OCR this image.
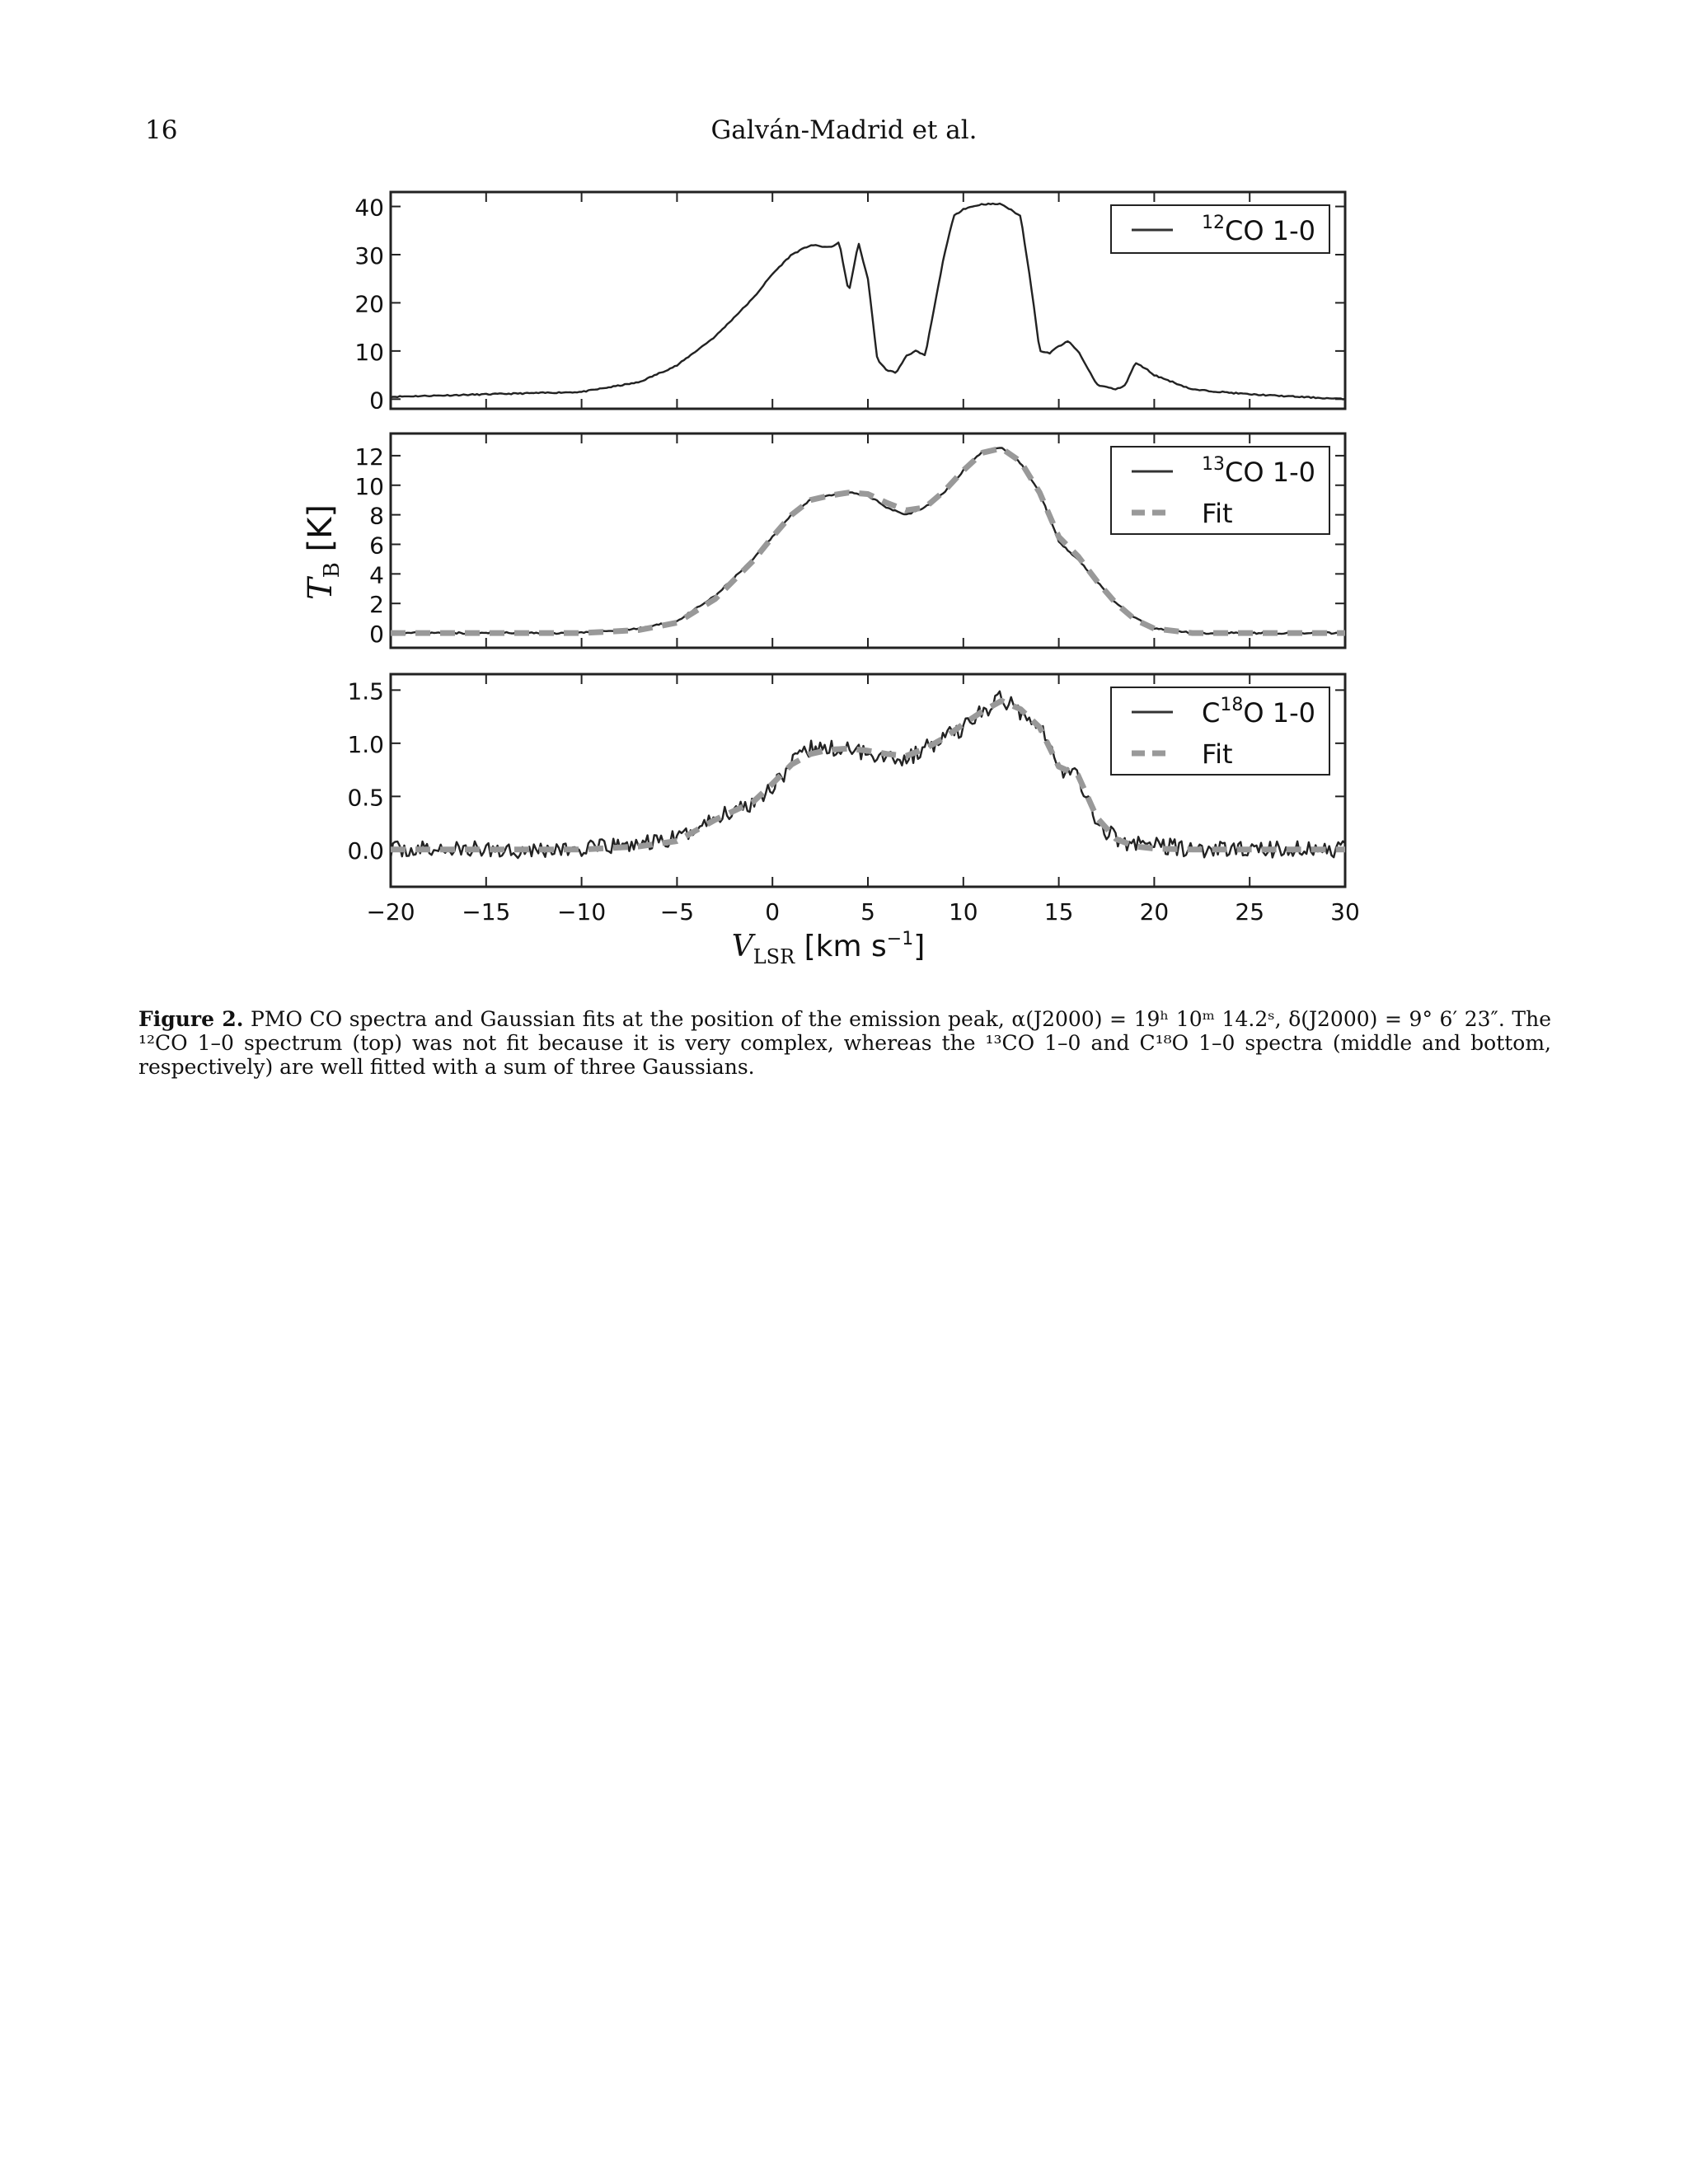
16	Galván-Madrid et al.
0
10
20
30
40
$^{12}$CO 1-0
0
2
4
6
8
10
12	$^{13}$CO 1-0
Fit
0.0
0.5
1.0
1.5
−20 −15 −10 −5	0	5	10	15	20	25	30
$C^{18}O$ 1-0
Fit
$T_B$ [K]
$V_{LSR}$ [km $s^{-1}$]
Figure 2. PMO CO spectra and Gaussian fits at the position of the emission peak, α(J2000) = 19ʰ 10ᵐ 14.2ˢ, δ(J2000) = 9° 6′ 23″. The ¹²CO 1–0 spectrum (top) was not fit because it is very complex, whereas the ¹³CO 1–0 and C¹⁸O 1–0 spectra (middle and bottom, respectively) are well fitted with a sum of three Gaussians.
